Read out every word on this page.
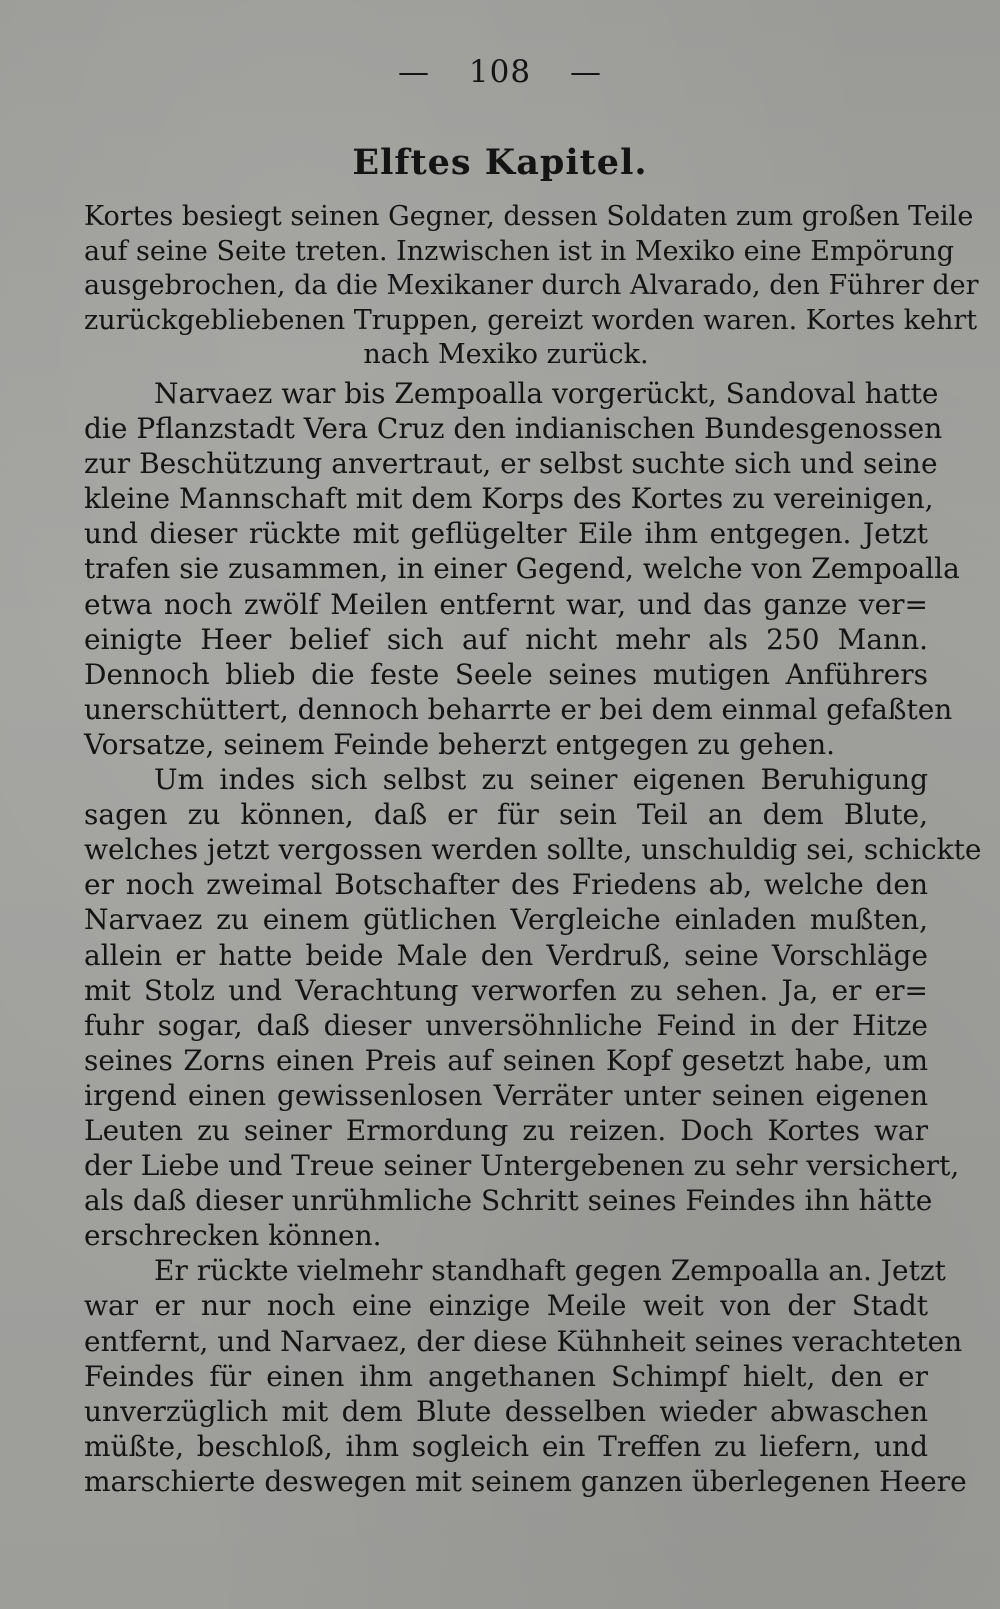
— 108 —
Elftes Kapitel.
Kortes besiegt seinen Gegner, dessen Soldaten zum großen Teile
auf seine Seite treten. Inzwischen ist in Mexiko eine Empörung
ausgebrochen, da die Mexikaner durch Alvarado, den Führer der
zurückgebliebenen Truppen, gereizt worden waren. Kortes kehrt
nach Mexiko zurück.
Narvaez war bis Zempoalla vorgerückt, Sandoval hatte
die Pflanzstadt Vera Cruz den indianischen Bundesgenossen
zur Beschützung anvertraut, er selbst suchte sich und seine
kleine Mannschaft mit dem Korps des Kortes zu vereinigen,
und dieser rückte mit geflügelter Eile ihm entgegen. Jetzt
trafen sie zusammen, in einer Gegend, welche von Zempoalla
etwa noch zwölf Meilen entfernt war, und das ganze ver=
einigte Heer belief sich auf nicht mehr als 250 Mann.
Dennoch blieb die feste Seele seines mutigen Anführers
unerschüttert, dennoch beharrte er bei dem einmal gefaßten
Vorsatze, seinem Feinde beherzt entgegen zu gehen.
Um indes sich selbst zu seiner eigenen Beruhigung
sagen zu können, daß er für sein Teil an dem Blute,
welches jetzt vergossen werden sollte, unschuldig sei, schickte
er noch zweimal Botschafter des Friedens ab, welche den
Narvaez zu einem gütlichen Vergleiche einladen mußten,
allein er hatte beide Male den Verdruß, seine Vorschläge
mit Stolz und Verachtung verworfen zu sehen. Ja, er er=
fuhr sogar, daß dieser unversöhnliche Feind in der Hitze
seines Zorns einen Preis auf seinen Kopf gesetzt habe, um
irgend einen gewissenlosen Verräter unter seinen eigenen
Leuten zu seiner Ermordung zu reizen. Doch Kortes war
der Liebe und Treue seiner Untergebenen zu sehr versichert,
als daß dieser unrühmliche Schritt seines Feindes ihn hätte
erschrecken können.
Er rückte vielmehr standhaft gegen Zempoalla an. Jetzt
war er nur noch eine einzige Meile weit von der Stadt
entfernt, und Narvaez, der diese Kühnheit seines verachteten
Feindes für einen ihm angethanen Schimpf hielt, den er
unverzüglich mit dem Blute desselben wieder abwaschen
müßte, beschloß, ihm sogleich ein Treffen zu liefern, und
marschierte deswegen mit seinem ganzen überlegenen Heere
